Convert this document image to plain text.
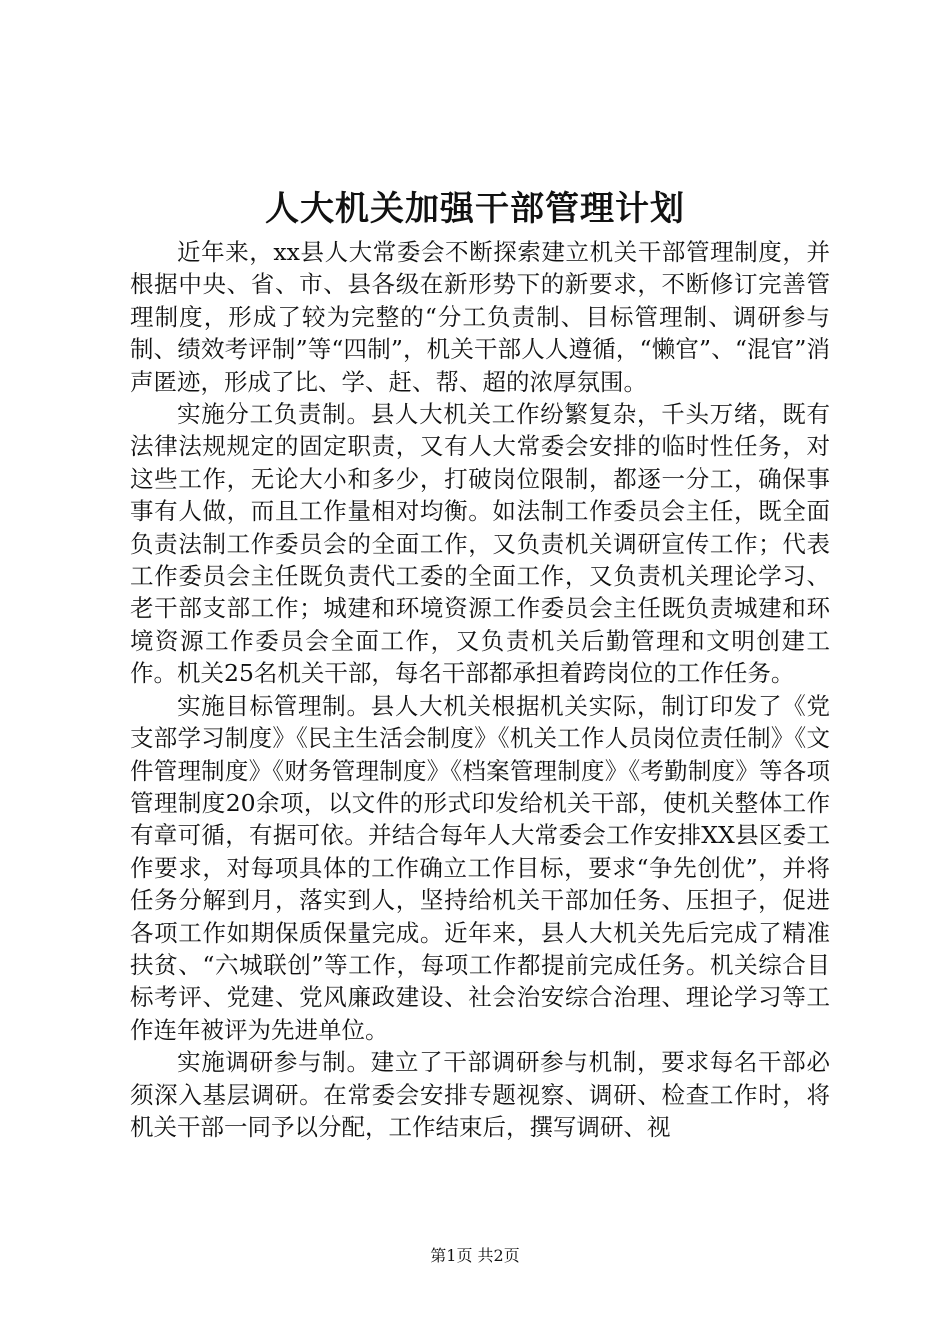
人大机关加强干部管理计划

近年来，xx县人大常委会不断探索建立机关干部管理制度，并根据中央、省、市、县各级在新形势下的新要求，不断修订完善管理制度，形成了较为完整的“分工负责制、目标管理制、调研参与制、绩效考评制”等“四制”，机关干部人人遵循，“懒官”、“混官”消声匿迹，形成了比、学、赶、帮、超的浓厚氛围。

实施分工负责制。县人大机关工作纷繁复杂，千头万绪，既有法律法规规定的固定职责，又有人大常委会安排的临时性任务，对这些工作，无论大小和多少，打破岗位限制，都逐一分工，确保事事有人做，而且工作量相对均衡。如法制工作委员会主任，既全面负责法制工作委员会的全面工作，又负责机关调研宣传工作；代表工作委员会主任既负责代工委的全面工作，又负责机关理论学习、老干部支部工作；城建和环境资源工作委员会主任既负责城建和环境资源工作委员会全面工作，又负责机关后勤管理和文明创建工作。机关25名机关干部，每名干部都承担着跨岗位的工作任务。

实施目标管理制。县人大机关根据机关实际，制订印发了《党支部学习制度》《民主生活会制度》《机关工作人员岗位责任制》《文件管理制度》《财务管理制度》《档案管理制度》《考勤制度》等各项管理制度20余项，以文件的形式印发给机关干部，使机关整体工作有章可循，有据可依。并结合每年人大常委会工作安排XX县区委工作要求，对每项具体的工作确立工作目标，要求“争先创优”，并将任务分解到月，落实到人，坚持给机关干部加任务、压担子，促进各项工作如期保质保量完成。近年来，县人大机关先后完成了精准扶贫、“六城联创”等工作，每项工作都提前完成任务。机关综合目标考评、党建、党风廉政建设、社会治安综合治理、理论学习等工作连年被评为先进单位。

实施调研参与制。建立了干部调研参与机制，要求每名干部必须深入基层调研。在常委会安排专题视察、调研、检查工作时，将机关干部一同予以分配，工作结束后，撰写调研、视

第1页 共2页
